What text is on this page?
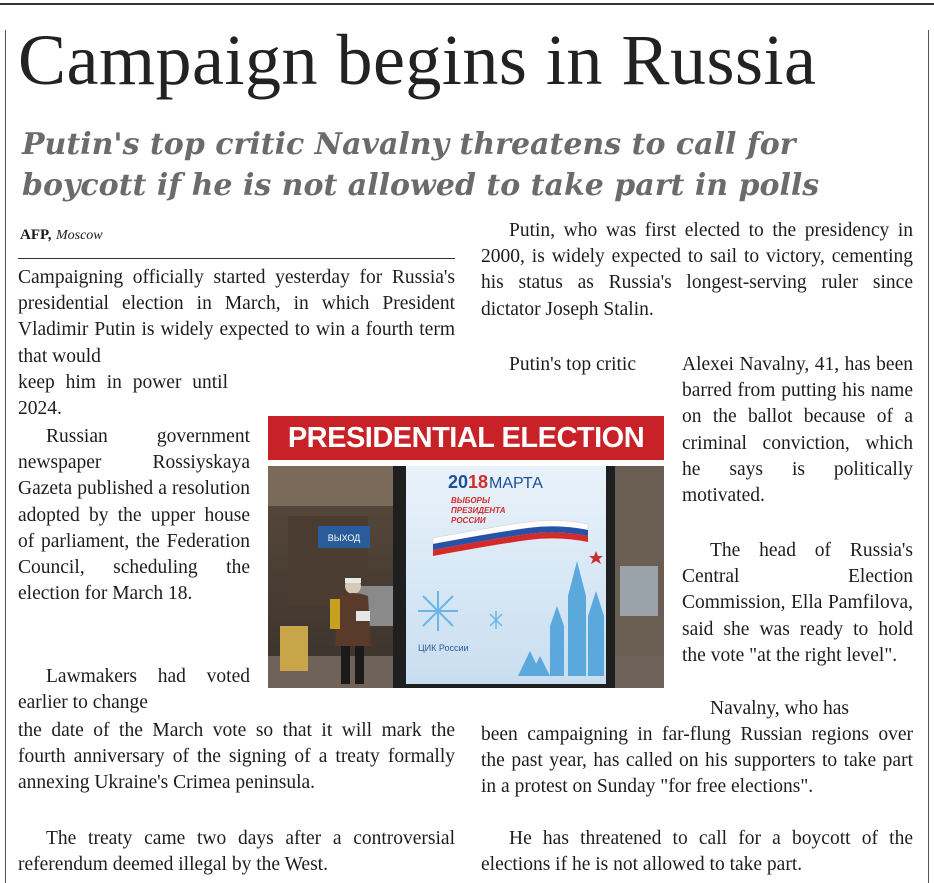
Campaign begins in Russia
Putin's top critic Navalny threatens to call for boycott if he is not allowed to take part in polls
AFP, Moscow

Campaigning officially started yesterday for Russia's presidential election in March, in which President Vladimir Putin is widely expected to win a fourth term that would

keep him in power until 2024.

Russian government newspaper Rossiyskaya Gazeta published a resolution adopted by the upper house of parliament, the Federation Council, scheduling the election for March 18.

Lawmakers had voted earlier to change

the date of the March vote so that it will mark the fourth anniversary of the signing of a treaty formally annexing Ukraine's Crimea peninsula.

The treaty came two days after a controversial referendum deemed illegal by the West.

Putin, who was first elected to the presidency in 2000, is widely expected to sail to victory, cementing his status as Russia's longest-serving ruler since dictator Joseph Stalin.

Putin's top critic	Alexei Navalny, 41, has been barred from putting his name on the ballot because of a criminal conviction, which he says is politically motivated.

The head of Russia's Central Election Commission, Ella Pamfilova, said she was ready to hold the vote "at the right level".

Navalny, who has

been campaigning in far-flung Russian regions over the past year, has called on his supporters to take part in a protest on Sunday "for free elections".

He has threatened to call for a boycott of the elections if he is not allowed to take part.

PRESIDENTIAL ELECTION
ВЫХОД
20 18 МАРТА
ВЫБОРЫ
ПРЕЗИДЕНТА
РОССИИ
ЦИК России
